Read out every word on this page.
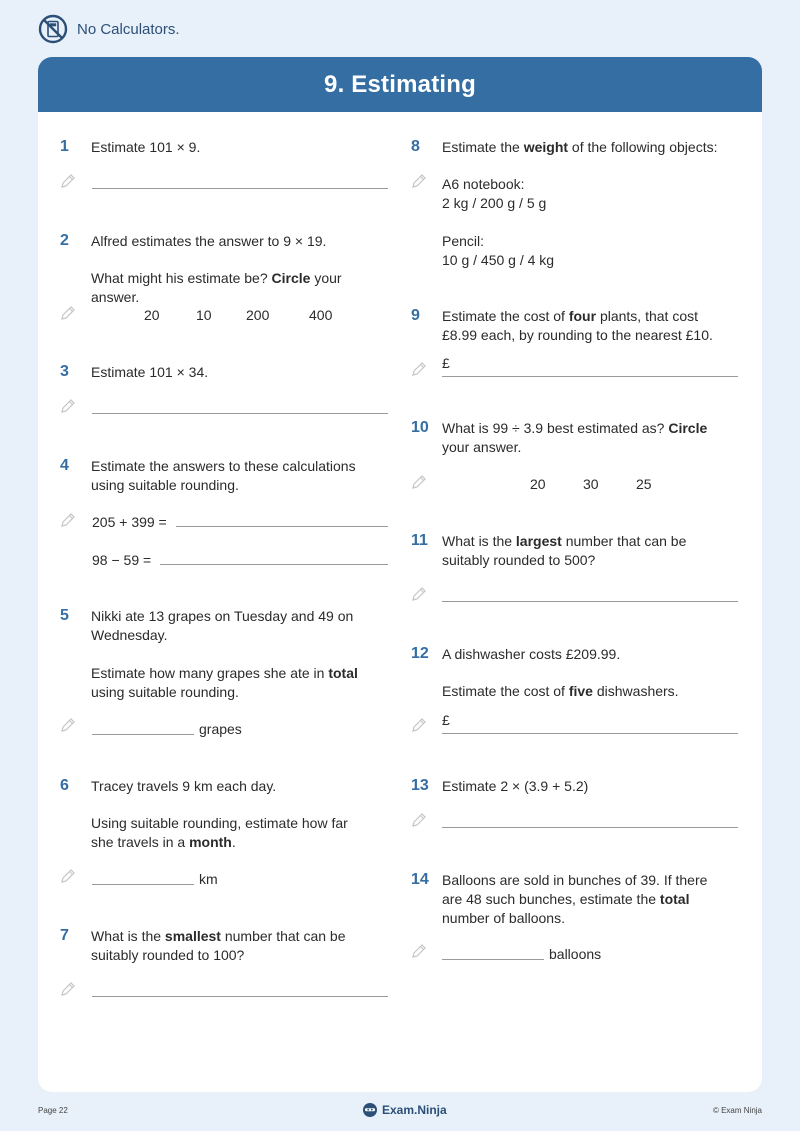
No Calculators.
9. Estimating
1 Estimate 101 × 9.
2 Alfred estimates the answer to 9 × 19.
What might his estimate be? Circle your answer.
20	10 200	400
3 Estimate 101 × 34.
4 Estimate the answers to these calculations using suitable rounding.
205 + 399 =
98 − 59 =
5 Nikki ate 13 grapes on Tuesday and 49 on Wednesday.
Estimate how many grapes she ate in total using suitable rounding.
grapes
6 Tracey travels 9 km each day.
Using suitable rounding, estimate how far she travels in a month.
km
7 What is the smallest number that can be suitably rounded to 100?
8 Estimate the weight of the following objects:
A6 notebook:
2 kg / 200 g / 5 g
Pencil:
10 g / 450 g / 4 kg
9 Estimate the cost of four plants, that cost £8.99 each, by rounding to the nearest £10.
£
10 What is 99 ÷ 3.9 best estimated as? Circle your answer.
20	30	25
11 What is the largest number that can be suitably rounded to 500?
12 A dishwasher costs £209.99.
Estimate the cost of five dishwashers.
£
13 Estimate 2 × (3.9 + 5.2)
14 Balloons are sold in bunches of 39. If there are 48 such bunches, estimate the total number of balloons.
balloons
Page 22	Exam.Ninja	© Exam Ninja
